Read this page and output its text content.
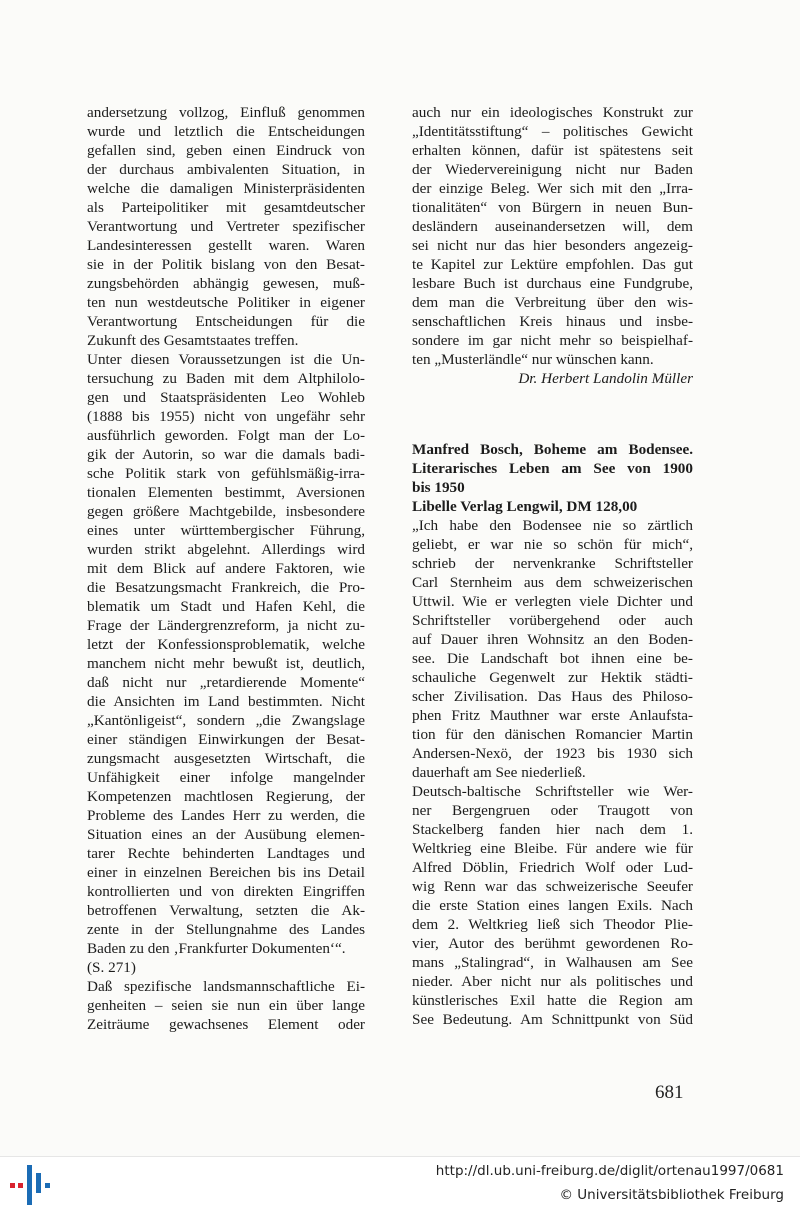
andersetzung vollzog, Einfluß genommen
wurde und letztlich die Entscheidungen
gefallen sind, geben einen Eindruck von
der durchaus ambivalenten Situation, in
welche die damaligen Ministerpräsidenten
als Parteipolitiker mit gesamtdeutscher
Verantwortung und Vertreter spezifischer
Landesinteressen gestellt waren. Waren
sie in der Politik bislang von den Besat-
zungsbehörden abhängig gewesen, muß-
ten nun westdeutsche Politiker in eigener
Verantwortung Entscheidungen für die
Zukunft des Gesamtstaates treffen.
Unter diesen Voraussetzungen ist die Un-
tersuchung zu Baden mit dem Altphilolo-
gen und Staatspräsidenten Leo Wohleb
(1888 bis 1955) nicht von ungefähr sehr
ausführlich geworden. Folgt man der Lo-
gik der Autorin, so war die damals badi-
sche Politik stark von gefühlsmäßig-irra-
tionalen Elementen bestimmt, Aversionen
gegen größere Machtgebilde, insbesondere
eines unter württembergischer Führung,
wurden strikt abgelehnt. Allerdings wird
mit dem Blick auf andere Faktoren, wie
die Besatzungsmacht Frankreich, die Pro-
blematik um Stadt und Hafen Kehl, die
Frage der Ländergrenzreform, ja nicht zu-
letzt der Konfessionsproblematik, welche
manchem nicht mehr bewußt ist, deutlich,
daß nicht nur „retardierende Momente“
die Ansichten im Land bestimmten. Nicht
„Kantönligeist“, sondern „die Zwangslage
einer ständigen Einwirkungen der Besat-
zungsmacht ausgesetzten Wirtschaft, die
Unfähigkeit einer infolge mangelnder
Kompetenzen machtlosen Regierung, der
Probleme des Landes Herr zu werden, die
Situation eines an der Ausübung elemen-
tarer Rechte behinderten Landtages und
einer in einzelnen Bereichen bis ins Detail
kontrollierten und von direkten Eingriffen
betroffenen Verwaltung, setzten die Ak-
zente in der Stellungnahme des Landes
Baden zu den ‚Frankfurter Dokumenten‘“.
(S. 271)
Daß spezifische landsmannschaftliche Ei-
genheiten – seien sie nun ein über lange
Zeiträume gewachsenes Element oder
auch nur ein ideologisches Konstrukt zur
„Identitätsstiftung“ – politisches Gewicht
erhalten können, dafür ist spätestens seit
der Wiedervereinigung nicht nur Baden
der einzige Beleg. Wer sich mit den „Irra-
tionalitäten“ von Bürgern in neuen Bun-
desländern auseinandersetzen will, dem
sei nicht nur das hier besonders angezeig-
te Kapitel zur Lektüre empfohlen. Das gut
lesbare Buch ist durchaus eine Fundgrube,
dem man die Verbreitung über den wis-
senschaftlichen Kreis hinaus und insbe-
sondere im gar nicht mehr so beispielhaf-
ten „Musterländle“ nur wünschen kann.
Dr. Herbert Landolin Müller
Manfred Bosch, Boheme am Bodensee.
Literarisches Leben am See von 1900
bis 1950
Libelle Verlag Lengwil, DM 128,00
„Ich habe den Bodensee nie so zärtlich
geliebt, er war nie so schön für mich“,
schrieb der nervenkranke Schriftsteller
Carl Sternheim aus dem schweizerischen
Uttwil. Wie er verlegten viele Dichter und
Schriftsteller vorübergehend oder auch
auf Dauer ihren Wohnsitz an den Boden-
see. Die Landschaft bot ihnen eine be-
schauliche Gegenwelt zur Hektik städti-
scher Zivilisation. Das Haus des Philoso-
phen Fritz Mauthner war erste Anlaufsta-
tion für den dänischen Romancier Martin
Andersen-Nexö, der 1923 bis 1930 sich
dauerhaft am See niederließ.
Deutsch-baltische Schriftsteller wie Wer-
ner Bergengruen oder Traugott von
Stackelberg fanden hier nach dem 1.
Weltkrieg eine Bleibe. Für andere wie für
Alfred Döblin, Friedrich Wolf oder Lud-
wig Renn war das schweizerische Seeufer
die erste Station eines langen Exils. Nach
dem 2. Weltkrieg ließ sich Theodor Plie-
vier, Autor des berühmt gewordenen Ro-
mans „Stalingrad“, in Walhausen am See
nieder. Aber nicht nur als politisches und
künstlerisches Exil hatte die Region am
See Bedeutung. Am Schnittpunkt von Süd
681
http://dl.ub.uni-freiburg.de/diglit/ortenau1997/0681
© Universitätsbibliothek Freiburg
